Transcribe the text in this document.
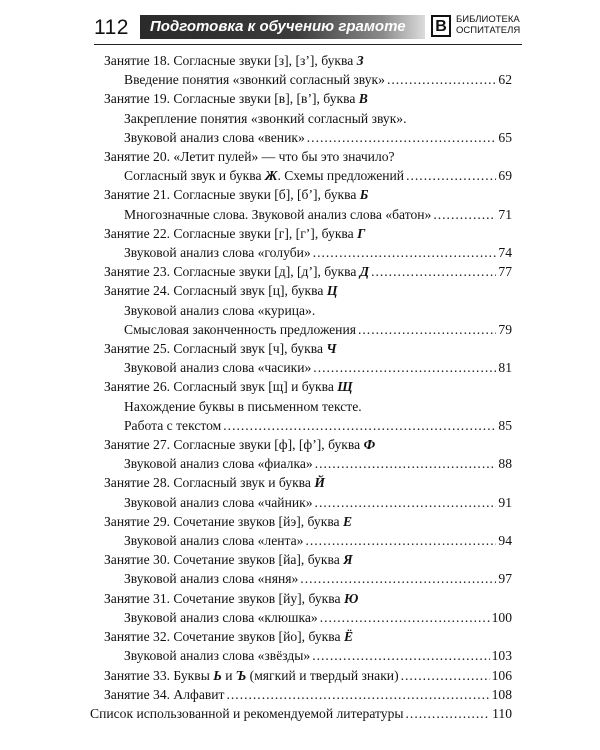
112 Подготовка к обучению грамоте В БИБЛИОТЕКА
ОСПИТАТЕЛЯ
Занятие 18. Согласные звуки [з], [з’], буква З
Введение понятия «звонкий согласный звук» .....	62
Занятие 19. Согласные звуки [в], [в’], буква В
Закрепление понятия «звонкий согласный звук».
Звуковой анализ слова «веник» .....	65
Занятие 20. «Летит пулей» — что бы это значило?
Согласный звук и буква Ж. Схемы предложений .....	69
Занятие 21. Согласные звуки [б], [б’], буква Б
Многозначные слова. Звуковой анализ слова «батон» .....	71
Занятие 22. Согласные звуки [г], [г’], буква Г
Звуковой анализ слова «голуби» .....	74
Занятие 23. Согласные звуки [д], [д’], буква Д .....	77
Занятие 24. Согласный звук [ц], буква Ц
Звуковой анализ слова «курица».
Смысловая законченность предложения .....	79
Занятие 25. Согласный звук [ч], буква Ч
Звуковой анализ слова «часики» .....	81
Занятие 26. Согласный звук [щ] и буква Щ
Нахождение буквы в письменном тексте.
Работа с текстом .....	85
Занятие 27. Согласные звуки [ф], [ф’], буква Ф
Звуковой анализ слова «фиалка» .....	88
Занятие 28. Согласный звук и буква Й
Звуковой анализ слова «чайник» .....	91
Занятие 29. Сочетание звуков [йэ], буква Е
Звуковой анализ слова «лента» .....	94
Занятие 30. Сочетание звуков [йа], буква Я
Звуковой анализ слова «няня» .....	97
Занятие 31. Сочетание звуков [йу], буква Ю
Звуковой анализ слова «клюшка» .....	100
Занятие 32. Сочетание звуков [йо], буква Ё
Звуковой анализ слова «звёзды» .....	103
Занятие 33. Буквы Ь и Ъ (мягкий и твердый знаки) .....	106
Занятие 34. Алфавит .....	108
Список использованной и рекомендуемой литературы .....	110
